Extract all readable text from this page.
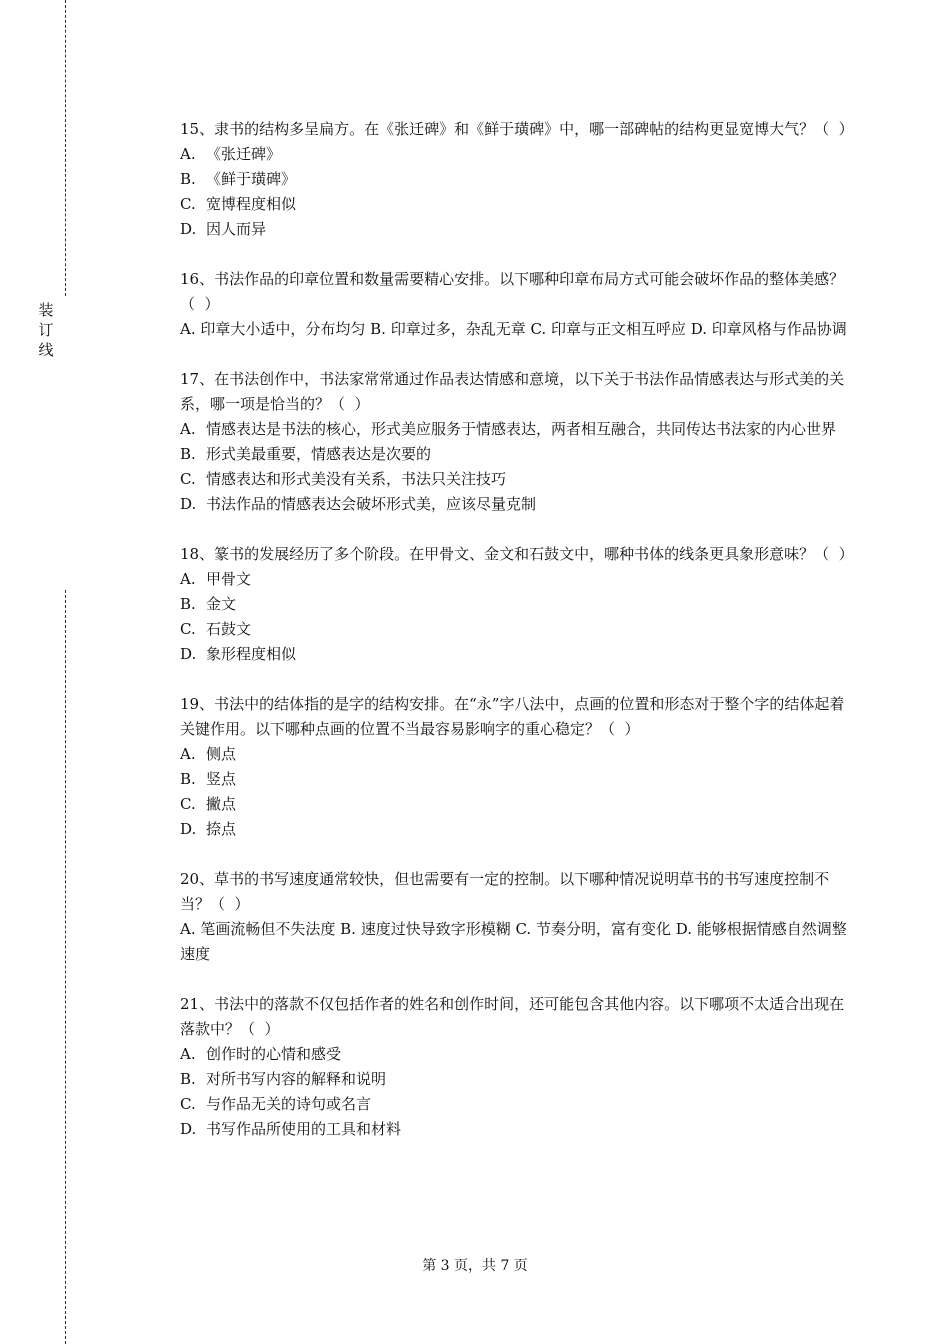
装
订
线
15、隶书的结构多呈扁方。在《张迁碑》和《鲜于璜碑》中，哪一部碑帖的结构更显宽博大气？（  ）
A. 《张迁碑》
B. 《鲜于璜碑》
C. 宽博程度相似
D. 因人而异
16、书法作品的印章位置和数量需要精心安排。以下哪种印章布局方式可能会破坏作品的整体美感？（  ）
A. 印章大小适中，分布均匀 B. 印章过多，杂乱无章 C. 印章与正文相互呼应 D. 印章风格与作品协调
17、在书法创作中，书法家常常通过作品表达情感和意境，以下关于书法作品情感表达与形式美的关系，哪一项是恰当的？（  ）
A. 情感表达是书法的核心，形式美应服务于情感表达，两者相互融合，共同传达书法家的内心世界
B. 形式美最重要，情感表达是次要的
C. 情感表达和形式美没有关系，书法只关注技巧
D. 书法作品的情感表达会破坏形式美，应该尽量克制
18、篆书的发展经历了多个阶段。在甲骨文、金文和石鼓文中，哪种书体的线条更具象形意味？（  ）
A. 甲骨文
B. 金文
C. 石鼓文
D. 象形程度相似
19、书法中的结体指的是字的结构安排。在“永”字八法中，点画的位置和形态对于整个字的结体起着关键作用。以下哪种点画的位置不当最容易影响字的重心稳定？（  ）
A. 侧点
B. 竖点
C. 撇点
D. 捺点
20、草书的书写速度通常较快，但也需要有一定的控制。以下哪种情况说明草书的书写速度控制不当？（  ）
A. 笔画流畅但不失法度 B. 速度过快导致字形模糊 C. 节奏分明，富有变化 D. 能够根据情感自然调整速度
21、书法中的落款不仅包括作者的姓名和创作时间，还可能包含其他内容。以下哪项不太适合出现在落款中？（  ）
A. 创作时的心情和感受
B. 对所书写内容的解释和说明
C. 与作品无关的诗句或名言
D. 书写作品所使用的工具和材料
第 3 页，共 7 页
